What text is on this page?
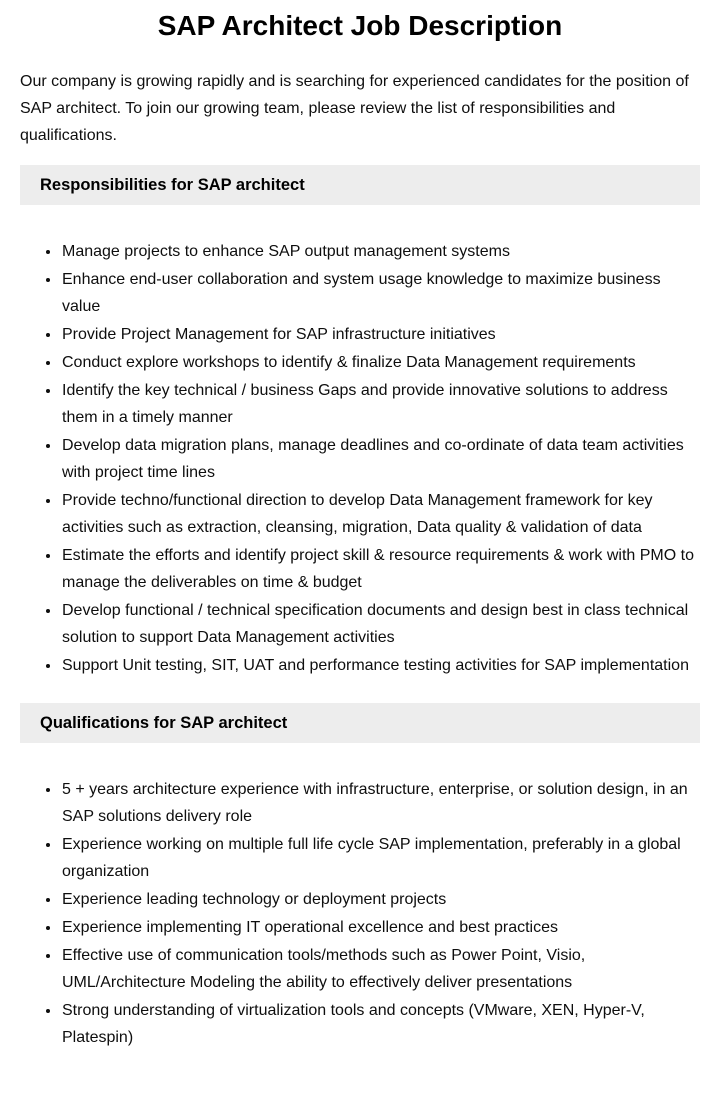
SAP Architect Job Description

Our company is growing rapidly and is searching for experienced candidates for the position of SAP architect. To join our growing team, please review the list of responsibilities and qualifications.

Responsibilities for SAP architect
• Manage projects to enhance SAP output management systems
• Enhance end-user collaboration and system usage knowledge to maximize business value
• Provide Project Management for SAP infrastructure initiatives
• Conduct explore workshops to identify & finalize Data Management requirements
• Identify the key technical / business Gaps and provide innovative solutions to address them in a timely manner
• Develop data migration plans, manage deadlines and co-ordinate of data team activities with project time lines
• Provide techno/functional direction to develop Data Management framework for key activities such as extraction, cleansing, migration, Data quality & validation of data
• Estimate the efforts and identify project skill & resource requirements & work with PMO to manage the deliverables on time & budget
• Develop functional / technical specification documents and design best in class technical solution to support Data Management activities
• Support Unit testing, SIT, UAT and performance testing activities for SAP implementation
Qualifications for SAP architect
• 5 + years architecture experience with infrastructure, enterprise, or solution design, in an SAP solutions delivery role
• Experience working on multiple full life cycle SAP implementation, preferably in a global organization
• Experience leading technology or deployment projects
• Experience implementing IT operational excellence and best practices
• Effective use of communication tools/methods such as Power Point, Visio, UML/Architecture Modeling the ability to effectively deliver presentations
• Strong understanding of virtualization tools and concepts (VMware, XEN, Hyper-V, Platespin)
